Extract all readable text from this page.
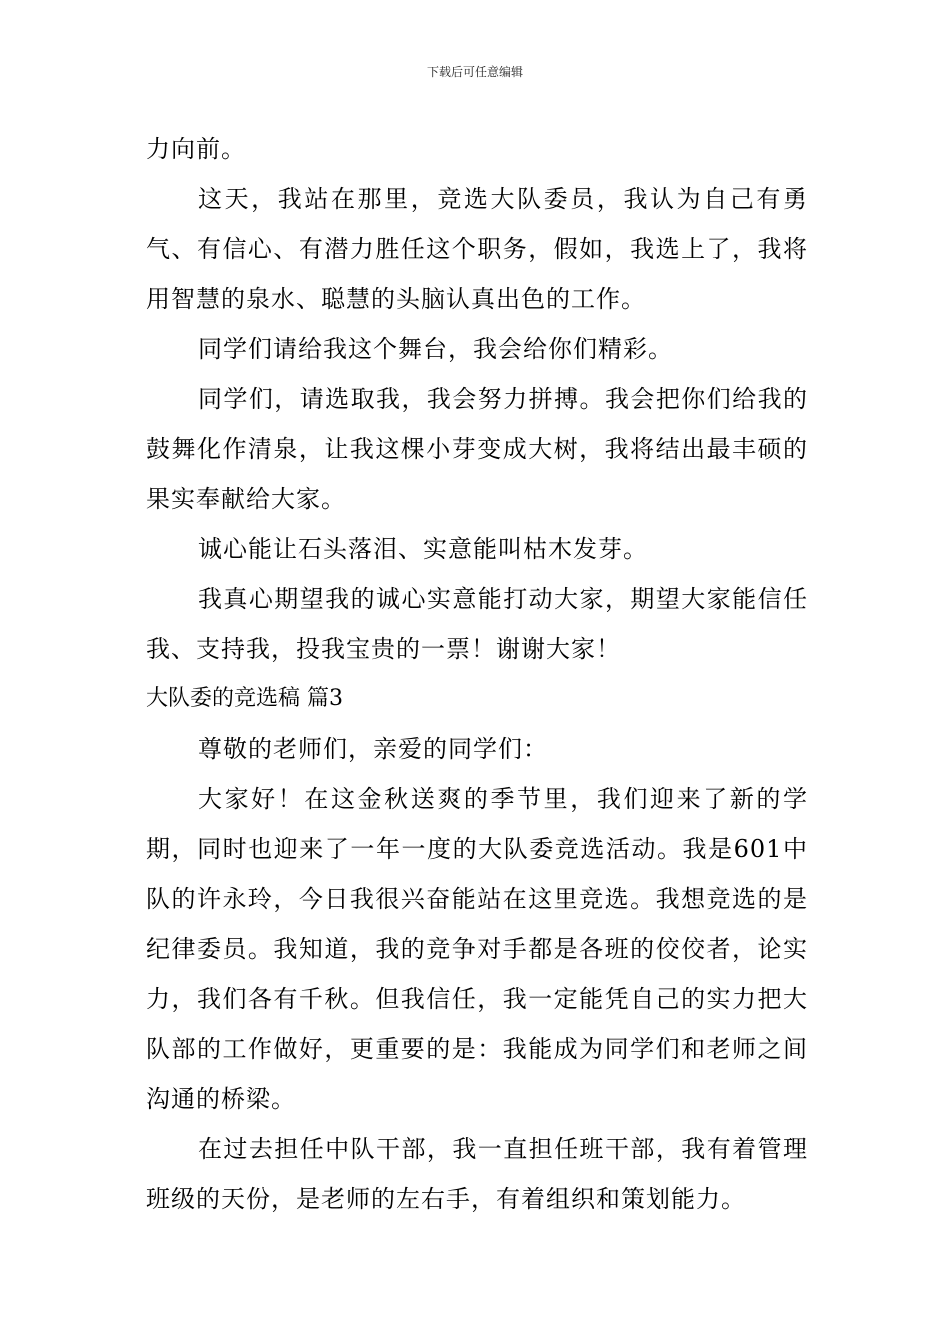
下载后可任意编辑

力向前。

这天，我站在那里，竞选大队委员，我认为自己有勇气、有信心、有潜力胜任这个职务，假如，我选上了，我将用智慧的泉水、聪慧的头脑认真出色的工作。

同学们请给我这个舞台，我会给你们精彩。

同学们，请选取我，我会努力拼搏。我会把你们给我的鼓舞化作清泉，让我这棵小芽变成大树，我将结出最丰硕的果实奉献给大家。

诚心能让石头落泪、实意能叫枯木发芽。

我真心期望我的诚心实意能打动大家，期望大家能信任我、支持我，投我宝贵的一票！谢谢大家！

大队委的竞选稿 篇3

尊敬的老师们，亲爱的同学们：

大家好！在这金秋送爽的季节里，我们迎来了新的学期，同时也迎来了一年一度的大队委竞选活动。我是601中队的许永玲，今日我很兴奋能站在这里竞选。我想竞选的是纪律委员。我知道，我的竞争对手都是各班的佼佼者，论实力，我们各有千秋。但我信任，我一定能凭自己的实力把大队部的工作做好，更重要的是：我能成为同学们和老师之间沟通的桥梁。

在过去担任中队干部，我一直担任班干部，我有着管理班级的天份，是老师的左右手，有着组织和策划能力。
